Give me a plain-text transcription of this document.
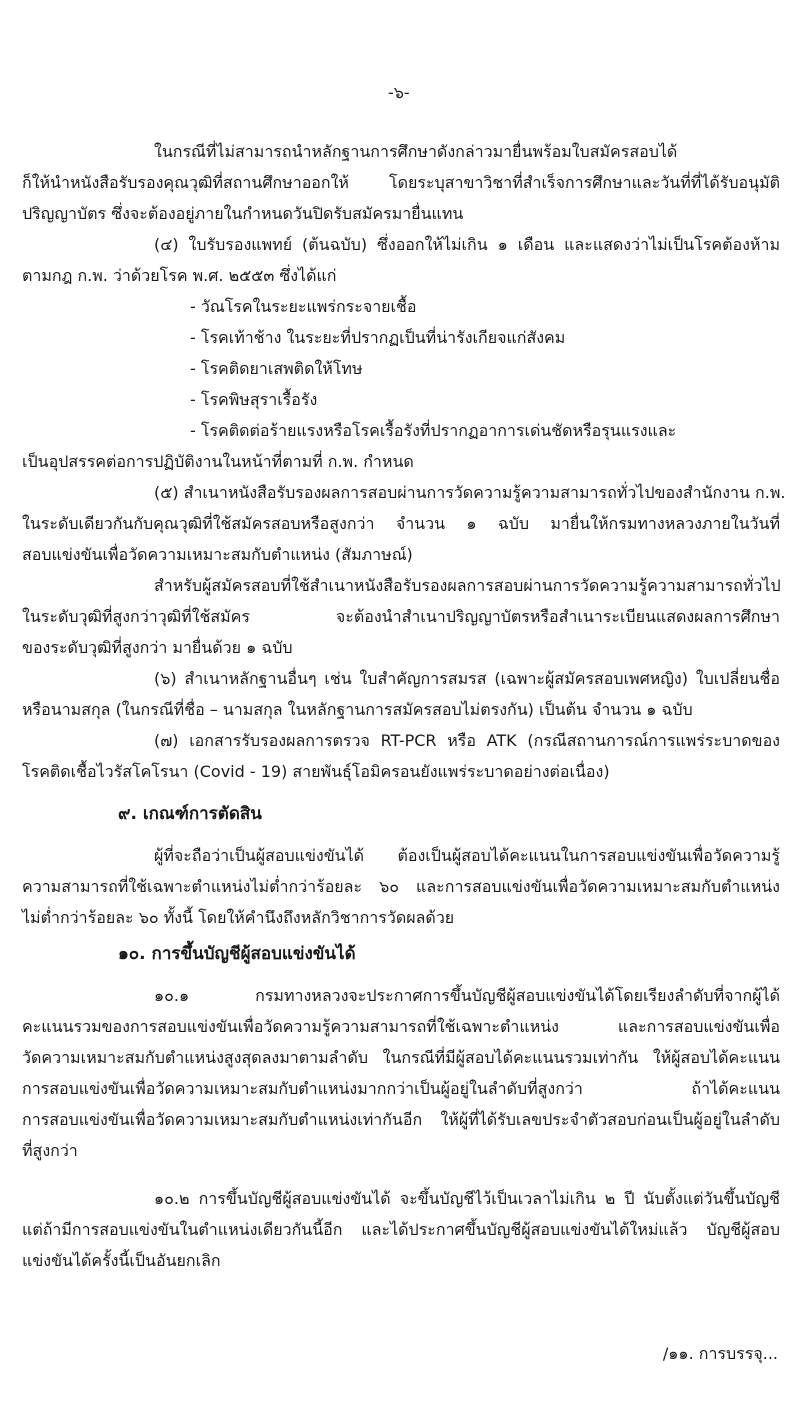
-๖-
ในกรณีที่ไม่สามารถนำหลักฐานการศึกษาดังกล่าวมายื่นพร้อมใบสมัครสอบได้
ก็ให้นำหนังสือรับรองคุณวุฒิที่สถานศึกษาออกให้ โดยระบุสาขาวิชาที่สำเร็จการศึกษาและวันที่ที่ได้รับอนุมัติ
ปริญญาบัตร ซึ่งจะต้องอยู่ภายในกำหนดวันปิดรับสมัครมายื่นแทน
(๔) ใบรับรองแพทย์ (ต้นฉบับ) ซึ่งออกให้ไม่เกิน ๑ เดือน และแสดงว่าไม่เป็นโรคต้องห้าม
ตามกฎ ก.พ. ว่าด้วยโรค พ.ศ. ๒๕๕๓ ซึ่งได้แก่
- วัณโรคในระยะแพร่กระจายเชื้อ
- โรคเท้าช้าง ในระยะที่ปรากฏเป็นที่น่ารังเกียจแก่สังคม
- โรคติดยาเสพติดให้โทษ
- โรคพิษสุราเรื้อรัง
- โรคติดต่อร้ายแรงหรือโรคเรื้อรังที่ปรากฏอาการเด่นชัดหรือรุนแรงและ
เป็นอุปสรรคต่อการปฏิบัติงานในหน้าที่ตามที่ ก.พ. กำหนด
(๕) สำเนาหนังสือรับรองผลการสอบผ่านการวัดความรู้ความสามารถทั่วไปของสำนักงาน ก.พ.
ในระดับเดียวกันกับคุณวุฒิที่ใช้สมัครสอบหรือสูงกว่า จำนวน ๑ ฉบับ มายื่นให้กรมทางหลวงภายในวันที่
สอบแข่งขันเพื่อวัดความเหมาะสมกับตำแหน่ง (สัมภาษณ์)
สำหรับผู้สมัครสอบที่ใช้สำเนาหนังสือรับรองผลการสอบผ่านการวัดความรู้ความสามารถทั่วไป
ในระดับวุฒิที่สูงกว่าวุฒิที่ใช้สมัคร จะต้องนำสำเนาปริญญาบัตรหรือสำเนาระเบียนแสดงผลการศึกษา
ของระดับวุฒิที่สูงกว่า มายื่นด้วย ๑ ฉบับ
(๖) สำเนาหลักฐานอื่นๆ เช่น ใบสำคัญการสมรส (เฉพาะผู้สมัครสอบเพศหญิง) ใบเปลี่ยนชื่อ
หรือนามสกุล (ในกรณีที่ชื่อ – นามสกุล ในหลักฐานการสมัครสอบไม่ตรงกัน) เป็นต้น จำนวน ๑ ฉบับ
(๗) เอกสารรับรองผลการตรวจ RT-PCR หรือ ATK (กรณีสถานการณ์การแพร่ระบาดของ
โรคติดเชื้อไวรัสโคโรนา (Covid - 19) สายพันธุ์โอมิครอนยังแพร่ระบาดอย่างต่อเนื่อง)
๙. เกณฑ์การตัดสิน
ผู้ที่จะถือว่าเป็นผู้สอบแข่งขันได้ ต้องเป็นผู้สอบได้คะแนนในการสอบแข่งขันเพื่อวัดความรู้
ความสามารถที่ใช้เฉพาะตำแหน่งไม่ต่ำกว่าร้อยละ ๖๐ และการสอบแข่งขันเพื่อวัดความเหมาะสมกับตำแหน่ง
ไม่ต่ำกว่าร้อยละ ๖๐ ทั้งนี้ โดยให้คำนึงถึงหลักวิชาการวัดผลด้วย
๑๐. การขึ้นบัญชีผู้สอบแข่งขันได้
๑๐.๑ กรมทางหลวงจะประกาศการขึ้นบัญชีผู้สอบแข่งขันได้โดยเรียงลำดับที่จากผู้ได้
คะแนนรวมของการสอบแข่งขันเพื่อวัดความรู้ความสามารถที่ใช้เฉพาะตำแหน่ง และการสอบแข่งขันเพื่อ
วัดความเหมาะสมกับตำแหน่งสูงสุดลงมาตามลำดับ ในกรณีที่มีผู้สอบได้คะแนนรวมเท่ากัน ให้ผู้สอบได้คะแนน
การสอบแข่งขันเพื่อวัดความเหมาะสมกับตำแหน่งมากกว่าเป็นผู้อยู่ในลำดับที่สูงกว่า ถ้าได้คะแนน
การสอบแข่งขันเพื่อวัดความเหมาะสมกับตำแหน่งเท่ากันอีก ให้ผู้ที่ได้รับเลขประจำตัวสอบก่อนเป็นผู้อยู่ในลำดับ
ที่สูงกว่า
๑๐.๒ การขึ้นบัญชีผู้สอบแข่งขันได้ จะขึ้นบัญชีไว้เป็นเวลาไม่เกิน ๒ ปี นับตั้งแต่วันขึ้นบัญชี
แต่ถ้ามีการสอบแข่งขันในตำแหน่งเดียวกันนี้อีก และได้ประกาศขึ้นบัญชีผู้สอบแข่งขันได้ใหม่แล้ว บัญชีผู้สอบ
แข่งขันได้ครั้งนี้เป็นอันยกเลิก
/๑๑. การบรรจุ...
